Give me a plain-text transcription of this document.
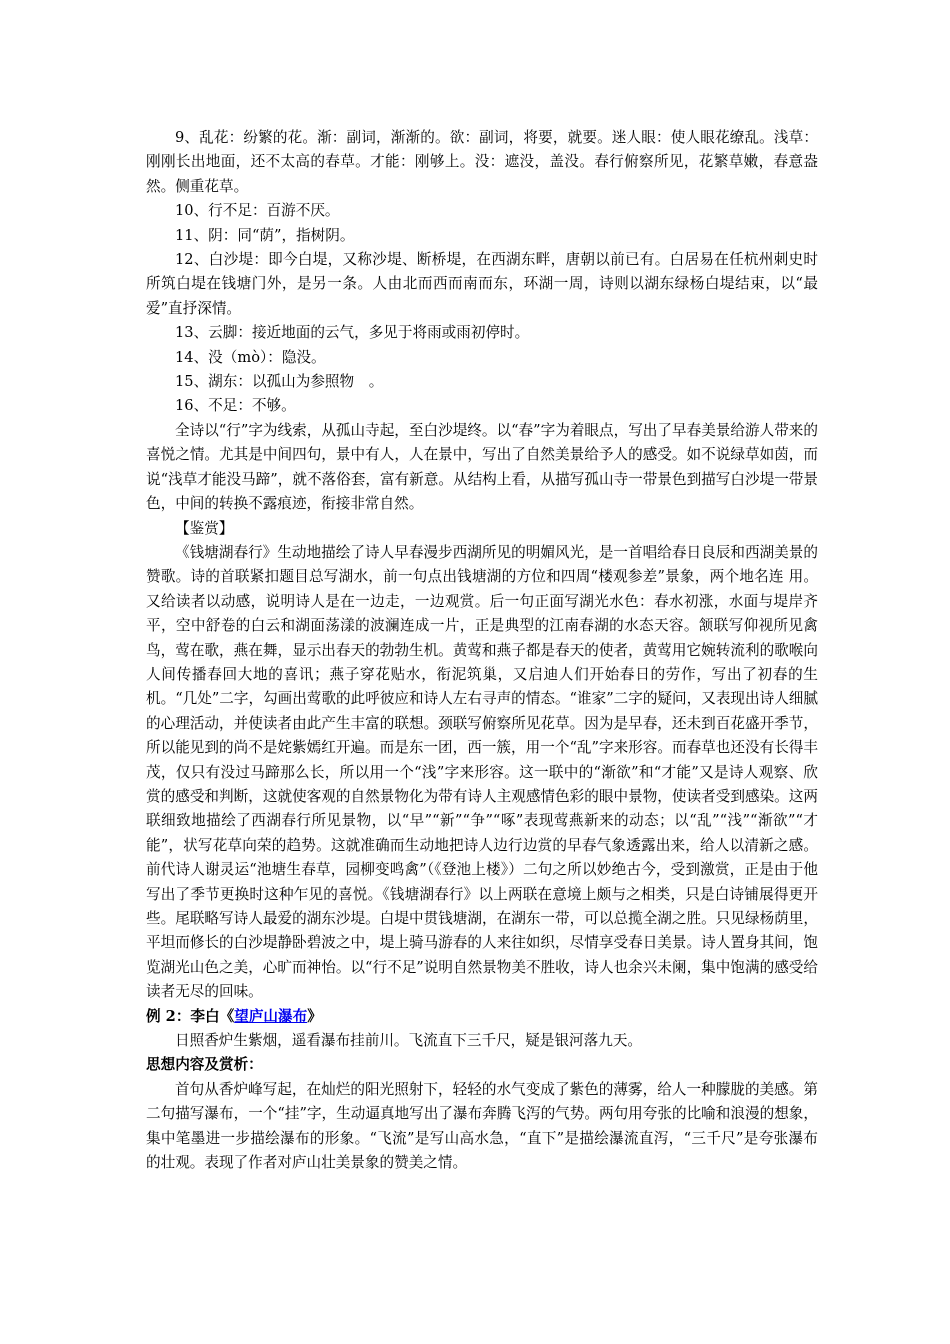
9、乱花：纷繁的花。渐：副词，渐渐的。欲：副词，将要，就要。迷人眼：使人眼花缭乱。浅草：刚刚长出地面，还不太高的春草。才能：刚够上。没：遮没，盖没。春行俯察所见，花繁草嫩，春意盎然。侧重花草。

10、行不足：百游不厌。

11、阴：同“荫”，指树阴。

12、白沙堤：即今白堤，又称沙堤、断桥堤，在西湖东畔，唐朝以前已有。白居易在任杭州刺史时所筑白堤在钱塘门外，是另一条。人由北而西而南而东，环湖一周，诗则以湖东绿杨白堤结束，以“最爱”直抒深情。

13、云脚：接近地面的云气，多见于将雨或雨初停时。

14、没（mò）：隐没。

15、湖东：以孤山为参照物　。

16、不足：不够。

全诗以“行”字为线索，从孤山寺起，至白沙堤终。以“春”字为着眼点，写出了早春美景给游人带来的喜悦之情。尤其是中间四句，景中有人，人在景中，写出了自然美景给予人的感受。如不说绿草如茵，而说“浅草才能没马蹄”，就不落俗套，富有新意。从结构上看，从描写孤山寺一带景色到描写白沙堤一带景色，中间的转换不露痕迹，衔接非常自然。

【鉴赏】

《钱塘湖春行》生动地描绘了诗人早春漫步西湖所见的明媚风光，是一首唱给春日良辰和西湖美景的赞歌。诗的首联紧扣题目总写湖水，前一句点出钱塘湖的方位和四周“楼观参差”景象，两个地名连 用。又给读者以动感，说明诗人是在一边走，一边观赏。后一句正面写湖光水色：春水初涨，水面与堤岸齐平，空中舒卷的白云和湖面荡漾的波澜连成一片，正是典型的江南春湖的水态天容。颔联写仰视所见禽鸟，莺在歌，燕在舞，显示出春天的勃勃生机。黄莺和燕子都是春天的使者，黄莺用它婉转流利的歌喉向人间传播春回大地的喜讯；燕子穿花贴水，衔泥筑巢，又启迪人们开始春日的劳作，写出了初春的生机。“几处”二字，勾画出莺歌的此呼彼应和诗人左右寻声的情态。“谁家”二字的疑问，又表现出诗人细腻的心理活动，并使读者由此产生丰富的联想。颈联写俯察所见花草。因为是早春，还未到百花盛开季节，所以能见到的尚不是姹紫嫣红开遍。而是东一团，西一簇，用一个“乱”字来形容。而春草也还没有长得丰茂，仅只有没过马蹄那么长，所以用一个“浅”字来形容。这一联中的“渐欲”和“才能”又是诗人观察、欣赏的感受和判断，这就使客观的自然景物化为带有诗人主观感情色彩的眼中景物，使读者受到感染。这两联细致地描绘了西湖春行所见景物，以“早”“新”“争”“啄”表现莺燕新来的动态；以“乱”“浅”“渐欲”“才能”，状写花草向荣的趋势。这就准确而生动地把诗人边行边赏的早春气象透露出来，给人以清新之感。前代诗人谢灵运“池塘生春草，园柳变鸣禽”（《登池上楼》）二句之所以妙绝古今，受到激赏，正是由于他写出了季节更换时这种乍见的喜悦。《钱塘湖春行》以上两联在意境上颇与之相类，只是白诗铺展得更开些。尾联略写诗人最爱的湖东沙堤。白堤中贯钱塘湖，在湖东一带，可以总揽全湖之胜。只见绿杨荫里，平坦而修长的白沙堤静卧碧波之中，堤上骑马游春的人来往如织，尽情享受春日美景。诗人置身其间，饱览湖光山色之美，心旷而神怡。以“行不足”说明自然景物美不胜收，诗人也余兴未阑，集中饱满的感受给读者无尽的回味。

例 2：李白《望庐山瀑布》

日照香炉生紫烟，遥看瀑布挂前川。飞流直下三千尺，疑是银河落九天。

思想内容及赏析：

首句从香炉峰写起，在灿烂的阳光照射下，轻轻的水气变成了紫色的薄雾，给人一种朦胧的美感。第二句描写瀑布，一个“挂”字，生动逼真地写出了瀑布奔腾飞泻的气势。两句用夸张的比喻和浪漫的想象，集中笔墨进一步描绘瀑布的形象。“飞流”是写山高水急，“直下”是描绘瀑流直泻，“三千尺”是夸张瀑布的壮观。表现了作者对庐山壮美景象的赞美之情。
